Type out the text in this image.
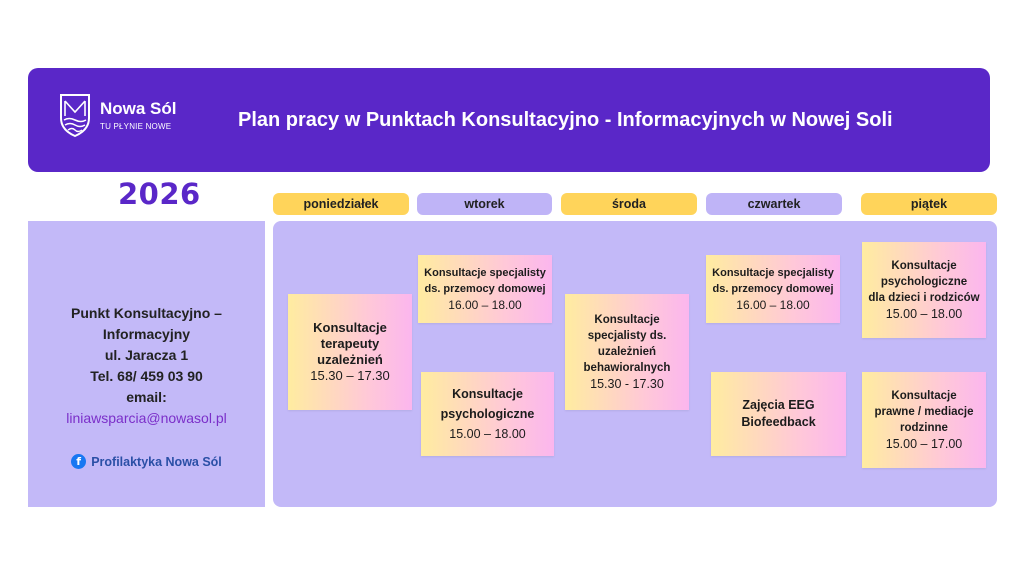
Nowa Sól
TU PŁYNIE NOWE	Plan pracy w Punktach Konsultacyjno - Informacyjnych w Nowej Soli
2026	poniedziałek	wtorek	środa	czwartek	piątek
Punkt Konsultacyjno –
Informacyjny
ul. Jaracza 1
Tel. 68/ 459 03 90
email:
liniawsparcia@nowasol.pl
f Profilaktyka Nowa Sól
Konsultacje
terapeuty
uzależnień
15.30 – 17.30
Konsultacje specjalisty
ds. przemocy domowej
16.00 – 18.00
Konsultacje
psychologiczne
15.00 – 18.00
Konsultacje
specjalisty ds.
uzależnień
behawioralnych
15.30 - 17.30
Konsultacje specjalisty
ds. przemocy domowej
16.00 – 18.00
Zajęcia EEG
Biofeedback
Konsultacje
psychologiczne
dla dzieci i rodziców
15.00 – 18.00
Konsultacje
prawne / mediacje
rodzinne
15.00 – 17.00
